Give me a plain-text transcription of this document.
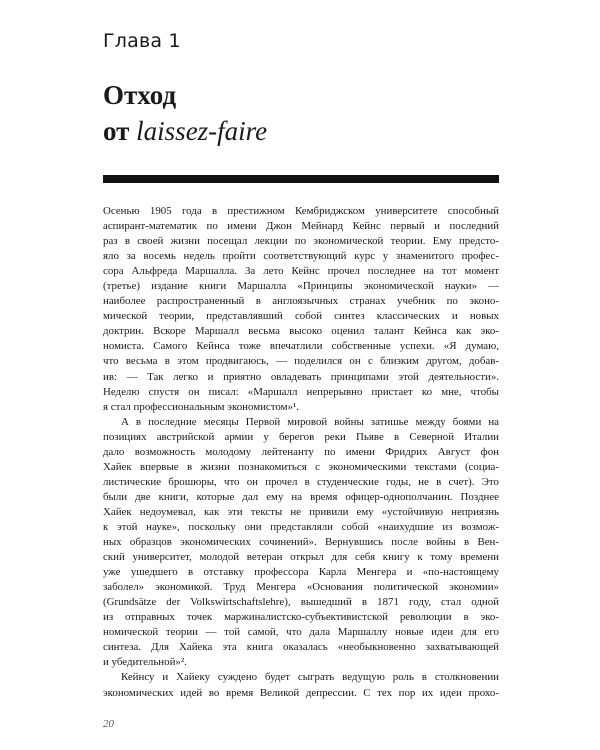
Глава 1
Отход
от laissez-faire
Осенью 1905 года в престижном Кембриджском университете способный
аспирант-математик по имени Джон Мейнард Кейнс первый и последний
раз в своей жизни посещал лекции по экономической теории. Ему предсто-
яло за восемь недель пройти соответствующий курс у знаменитого профес-
сора Альфреда Маршалла. За лето Кейнс прочел последнее на тот момент
(третье) издание книги Маршалла «Принципы экономической науки» —
наиболее распространенный в англоязычных странах учебник по эконо-
мической теории, представлявший собой синтез классических и новых
доктрин. Вскоре Маршалл весьма высоко оценил талант Кейнса как эко-
номиста. Самого Кейнса тоже впечатлили собственные успехи. «Я думаю,
что весьма в этом продвигаюсь, — поделился он с близким другом, добав-
ив: — Так легко и приятно овладевать принципами этой деятельности».
Неделю спустя он писал: «Маршалл непрерывно пристает ко мне, чтобы
я стал профессиональным экономистом»¹.
А в последние месяцы Первой мировой войны затишье между боями на
позициях австрийской армии у берегов реки Пьяве в Северной Италии
дало возможность молодому лейтенанту по имени Фридрих Август фон
Хайек впервые в жизни познакомиться с экономическими текстами (социа-
листические брошюры, что он прочел в студенческие годы, не в счет). Это
были две книги, которые дал ему на время офицер-однополчанин. Позднее
Хайек недоумевал, как эти тексты не привили ему «устойчивую неприязнь
к этой науке», поскольку они представляли собой «наихудшие из возмож-
ных образцов экономических сочинений». Вернувшись после войны в Вен-
ский университет, молодой ветеран открыл для себя книгу к тому времени
уже ушедшего в отставку профессора Карла Менгера и «по-настоящему
заболел» экономикой. Труд Менгера «Основания политической экономии»
(Grundsätze der Volkswirtschaftslehre), вышедший в 1871 году, стал одной
из отправных точек маржиналистско-субъективистской революции в эко-
номической теории — той самой, что дала Маршаллу новые идеи для его
синтеза. Для Хайека эта книга оказалась «необыкновенно захватывающей
и убедительной»².
Кейнсу и Хайеку суждено будет сыграть ведущую роль в столкновении
экономических идей во время Великой депрессии. С тех пор их идеи прохо-
20
